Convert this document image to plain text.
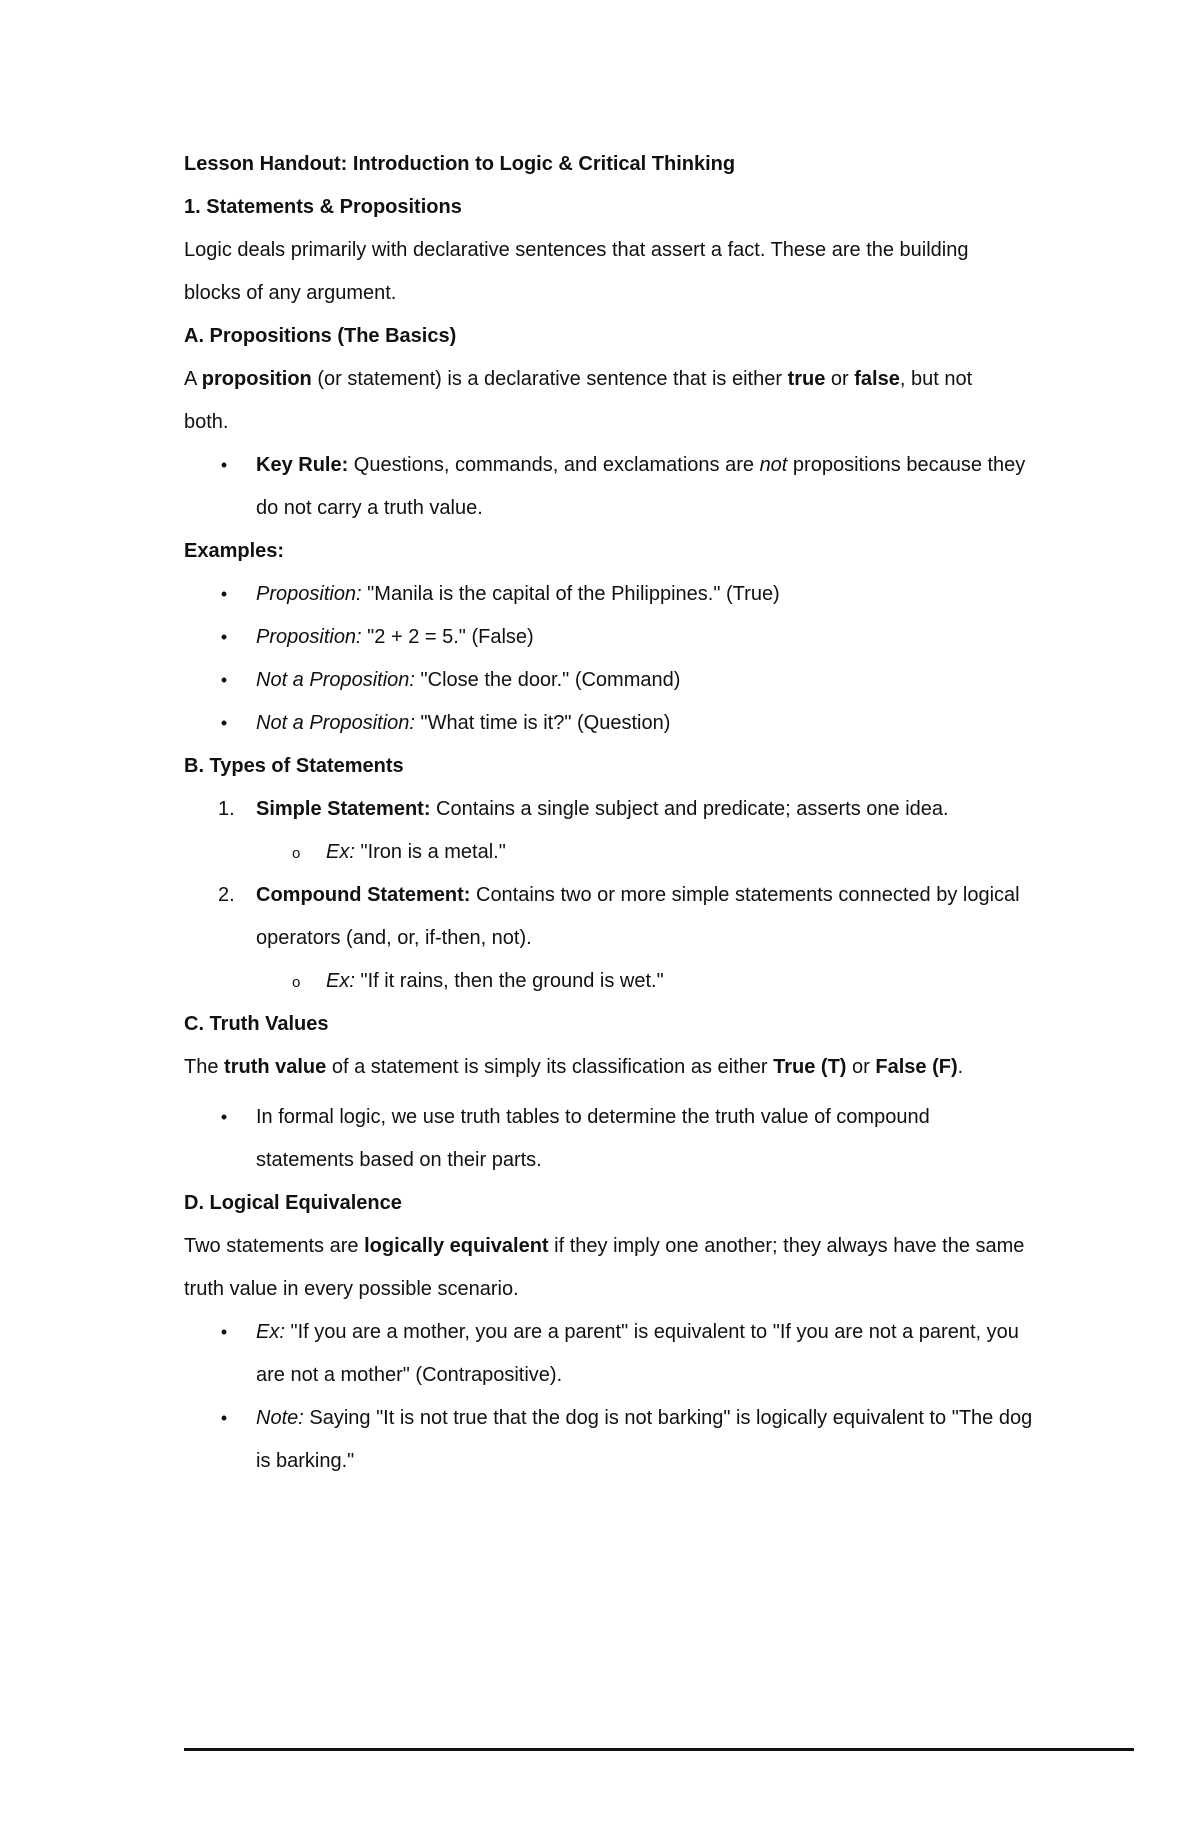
Lesson Handout: Introduction to Logic & Critical Thinking

1. Statements & Propositions

Logic deals primarily with declarative sentences that assert a fact. These are the building

blocks of any argument.

A. Propositions (The Basics)

A proposition (or statement) is a declarative sentence that is either true or false, but not

both.

• Key Rule: Questions, commands, and exclamations are not propositions because they

do not carry a truth value.

Examples:

• Proposition: "Manila is the capital of the Philippines." (True)

• Proposition: "2 + 2 = 5." (False)

• Not a Proposition: "Close the door." (Command)

• Not a Proposition: "What time is it?" (Question)

B. Types of Statements

1. Simple Statement: Contains a single subject and predicate; asserts one idea.

o Ex: "Iron is a metal."

2. Compound Statement: Contains two or more simple statements connected by logical

operators (and, or, if-then, not).

o Ex: "If it rains, then the ground is wet."

C. Truth Values

The truth value of a statement is simply its classification as either True (T) or False (F).

• In formal logic, we use truth tables to determine the truth value of compound

statements based on their parts.

D. Logical Equivalence

Two statements are logically equivalent if they imply one another; they always have the same

truth value in every possible scenario.

• Ex: "If you are a mother, you are a parent" is equivalent to "If you are not a parent, you

are not a mother" (Contrapositive).

• Note: Saying "It is not true that the dog is not barking" is logically equivalent to "The dog

is barking."
